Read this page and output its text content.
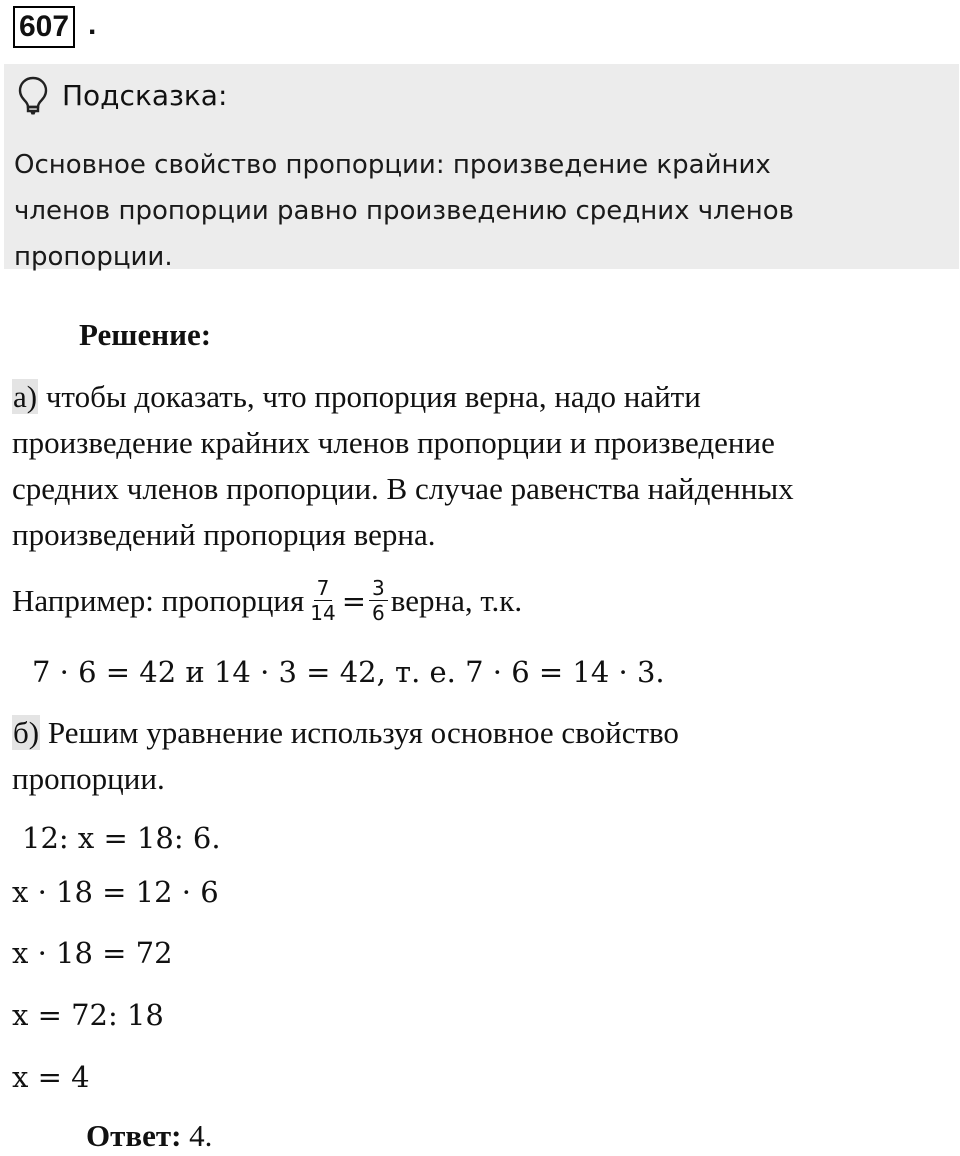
607 .
Подсказка:
Основное свойство пропорции: произведение крайних
членов пропорции равно произведению средних членов
пропорции.
Решение:
а) чтобы доказать, что пропорция верна, надо найти
произведение крайних членов пропорции и произведение
средних членов пропорции. В случае равенства найденных
произведений пропорция верна.
Например: пропорция $\frac{7}{14} = \frac{3}{6}$ верна, т.к.
7 · 6 = 42 и 14 · 3 = 42, т. е. 7 · 6 = 14 · 3.
б) Решим уравнение используя основное свойство
пропорции.
12: x = 18: 6.
x · 18 = 12 · 6
x · 18 = 72
x = 72: 18
x = 4
Ответ: 4.
